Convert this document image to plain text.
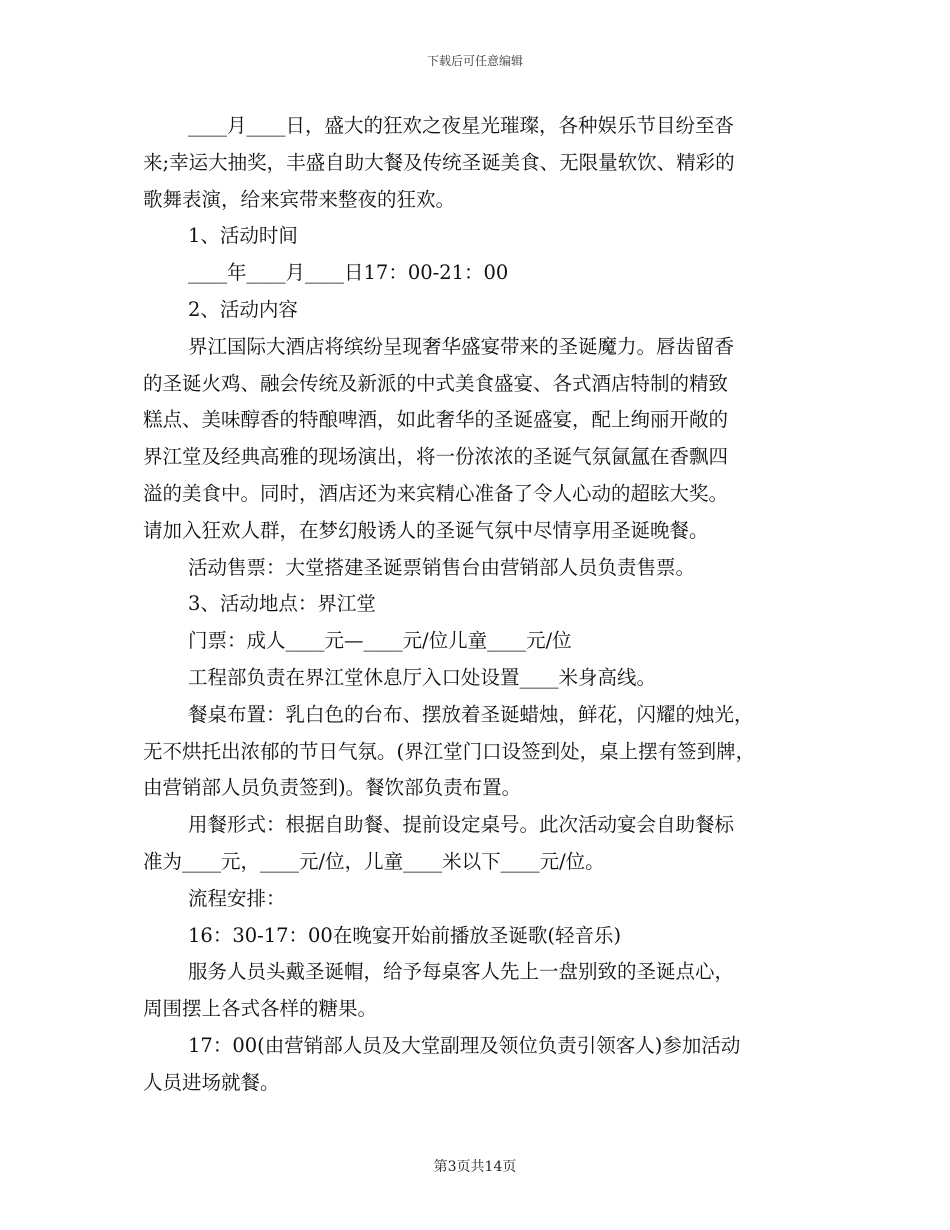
下载后可任意编辑

____月____日，盛大的狂欢之夜星光璀璨，各种娱乐节目纷至沓

来;幸运大抽奖，丰盛自助大餐及传统圣诞美食、无限量软饮、精彩的

歌舞表演，给来宾带来整夜的狂欢。

1、活动时间

____年____月____日17：00-21：00

2、活动内容

界江国际大酒店将缤纷呈现奢华盛宴带来的圣诞魔力。唇齿留香

的圣诞火鸡、融会传统及新派的中式美食盛宴、各式酒店特制的精致

糕点、美味醇香的特酿啤酒，如此奢华的圣诞盛宴，配上绚丽开敞的

界江堂及经典高雅的现场演出，将一份浓浓的圣诞气氛氤氲在香飘四

溢的美食中。同时，酒店还为来宾精心准备了令人心动的超眩大奖。

请加入狂欢人群，在梦幻般诱人的圣诞气氛中尽情享用圣诞晚餐。

活动售票：大堂搭建圣诞票销售台由营销部人员负责售票。

3、活动地点：界江堂

门票：成人____元—____元/位儿童____元/位

工程部负责在界江堂休息厅入口处设置____米身高线。

餐桌布置：乳白色的台布、摆放着圣诞蜡烛，鲜花，闪耀的烛光，

无不烘托出浓郁的节日气氛。(界江堂门口设签到处，桌上摆有签到牌，

由营销部人员负责签到)。餐饮部负责布置。

用餐形式：根据自助餐、提前设定桌号。此次活动宴会自助餐标

准为____元，____元/位，儿童____米以下____元/位。

流程安排：

16：30-17：00在晚宴开始前播放圣诞歌(轻音乐)

服务人员头戴圣诞帽，给予每桌客人先上一盘别致的圣诞点心，

周围摆上各式各样的糖果。

17：00(由营销部人员及大堂副理及领位负责引领客人)参加活动

人员进场就餐。

第3页共14页
